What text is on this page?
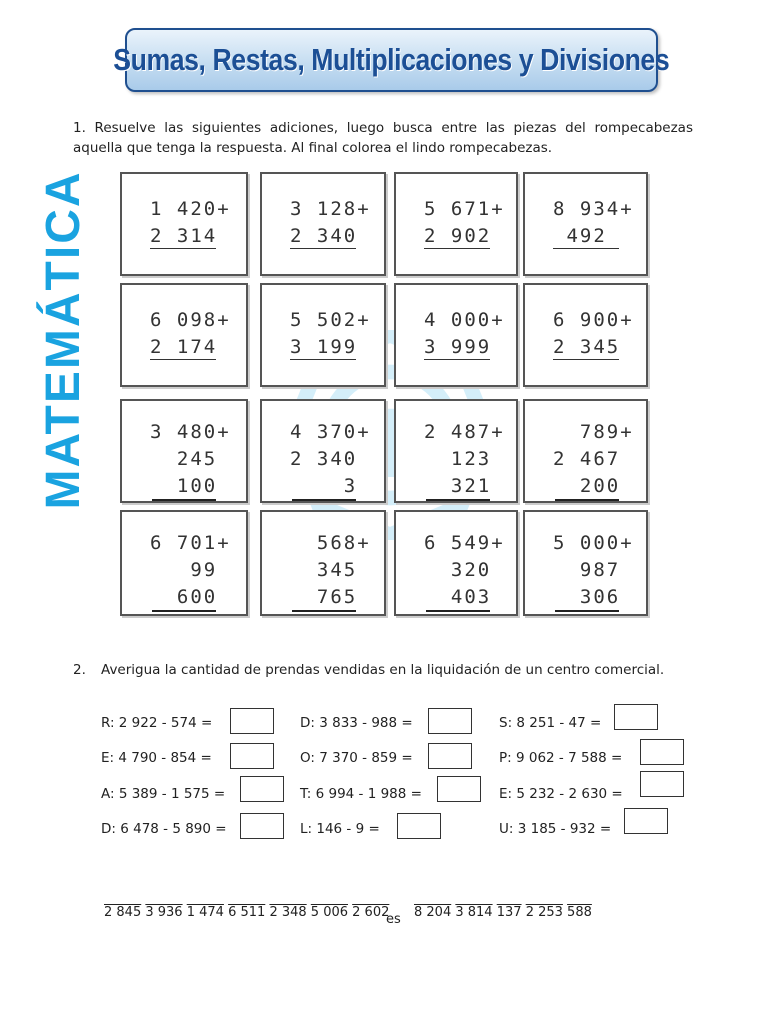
Sumas, Restas, Multiplicaciones y Divisiones
MATEMÁTICA
1. Resuelve las siguientes adiciones, luego busca entre las piezas del rompecabezas aquella que tenga la respuesta. Al final colorea el lindo rompecabezas.
1 420+
2 314
3 128+
2 340
5 671+
2 902
8 934+
492
6 098+
2 174
5 502+
3 199
4 000+
3 999
6 900+
2 345
3 480+
245
100
4 370+
2 340
3
2 487+
123
321
789+
2 467
200
6 701+
99
600
568+
345
765
6 549+
320
403
5 000+
987
306
2. Averigua la cantidad de prendas vendidas en la liquidación de un centro comercial.
R: 2 922 - 574 =	D: 3 833 - 988 =	S: 8 251 - 47 =
E: 4 790 - 854 =	O: 7 370 - 859 =	P: 9 062 - 7 588 =
A: 5 389 - 1 575 =	T: 6 994 - 1 988 =	E: 5 232 - 2 630 =
D: 6 478 - 5 890 =	L: 146 - 9 =	U: 3 185 - 932 =
2 845 3 936 1 474 6 511 2 348 5 006 2 602
es 8 204 3 814 137 2 253 588
